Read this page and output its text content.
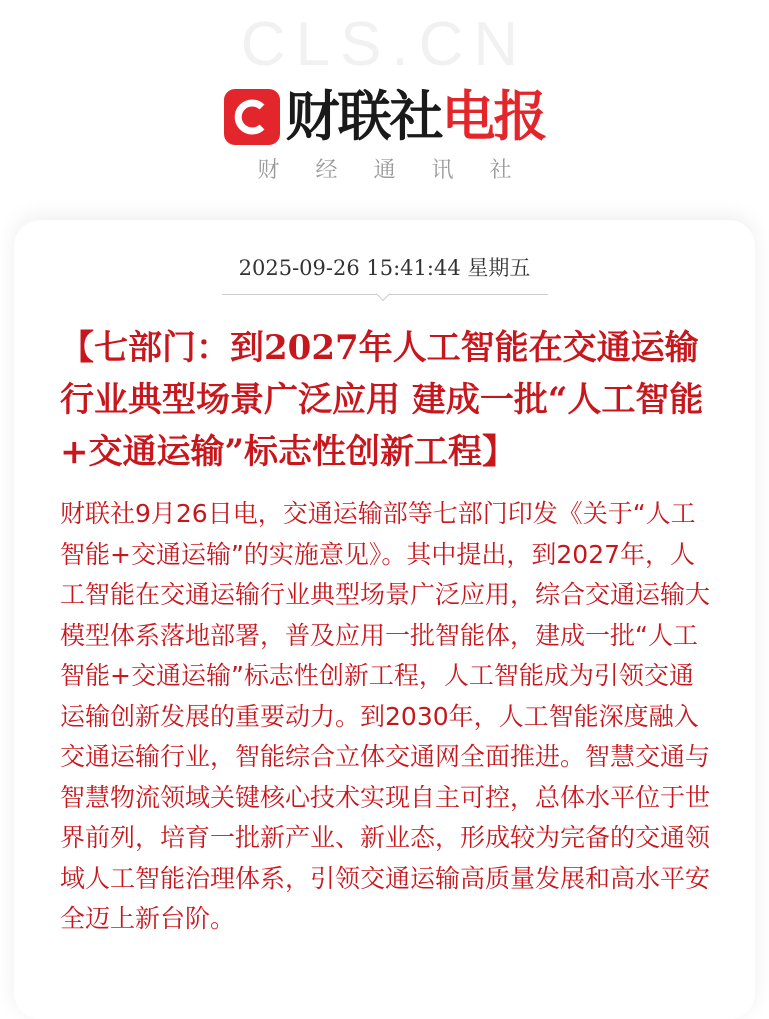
CLS.CN
财联社 电报
财经通讯社
2025-09-26 15:41:44 星期五
【七部门：到2027年人工智能在交通运输行业典型场景广泛应用 建成一批“人工智能+交通运输”标志性创新工程】
财联社9月26日电，交通运输部等七部门印发《关于“人工智能+交通运输”的实施意见》。其中提出，到2027年，人工智能在交通运输行业典型场景广泛应用，综合交通运输大模型体系落地部署，普及应用一批智能体，建成一批“人工智能+交通运输”标志性创新工程，人工智能成为引领交通运输创新发展的重要动力。到2030年，人工智能深度融入交通运输行业，智能综合立体交通网全面推进。智慧交通与智慧物流领域关键核心技术实现自主可控，总体水平位于世界前列，培育一批新产业、新业态，形成较为完备的交通领域人工智能治理体系，引领交通运输高质量发展和高水平安全迈上新台阶。
